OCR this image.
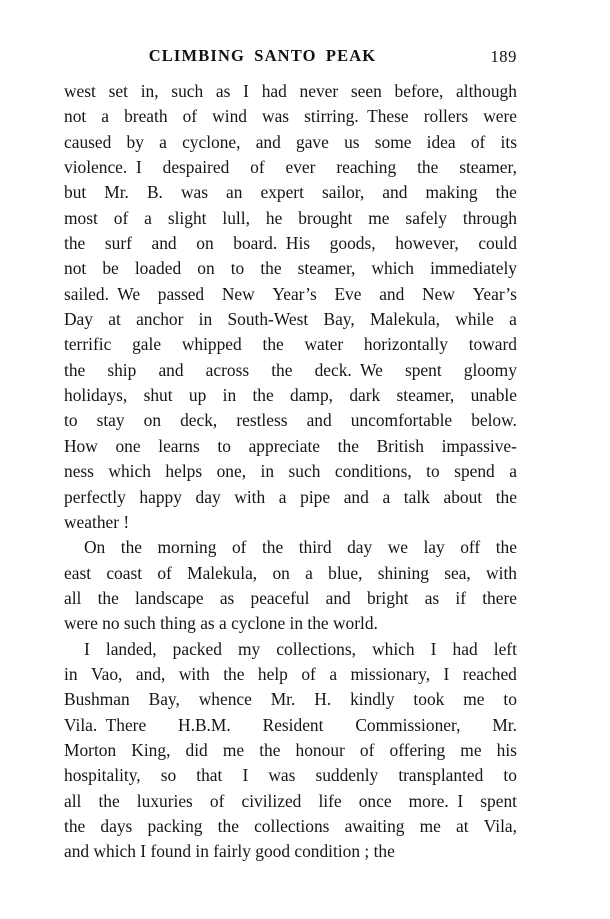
CLIMBING SANTO PEAK	189
west set in, such as I had never seen before, although
not a breath of wind was stirring.  These rollers were
caused by a cyclone, and gave us some idea of its
violence.  I despaired of ever reaching the steamer,
but Mr. B. was an expert sailor, and making the
most of a slight lull, he brought me safely through
the surf and on board.  His goods, however, could
not be loaded on to the steamer, which immediately
sailed.  We passed New Year’s Eve and New Year’s
Day at anchor in South-West Bay, Malekula, while a
terrific gale whipped the water horizontally toward
the ship and across the deck.  We spent gloomy
holidays, shut up in the damp, dark steamer, unable
to stay on deck, restless and uncomfortable below.
How one learns to appreciate the British impassive-
ness which helps one, in such conditions, to spend a
perfectly happy day with a pipe and a talk about the
weather !
On the morning of the third day we lay off the
east coast of Malekula, on a blue, shining sea, with
all the landscape as peaceful and bright as if there
were no such thing as a cyclone in the world.
I landed, packed my collections, which I had left
in Vao, and, with the help of a missionary, I reached
Bushman Bay, whence Mr. H. kindly took me to
Vila.  There H.B.M. Resident Commissioner, Mr.
Morton King, did me the honour of offering me his
hospitality, so that I was suddenly transplanted to
all the luxuries of civilized life once more.  I spent
the days packing the collections awaiting me at Vila,
and which I found in fairly good condition ; the
